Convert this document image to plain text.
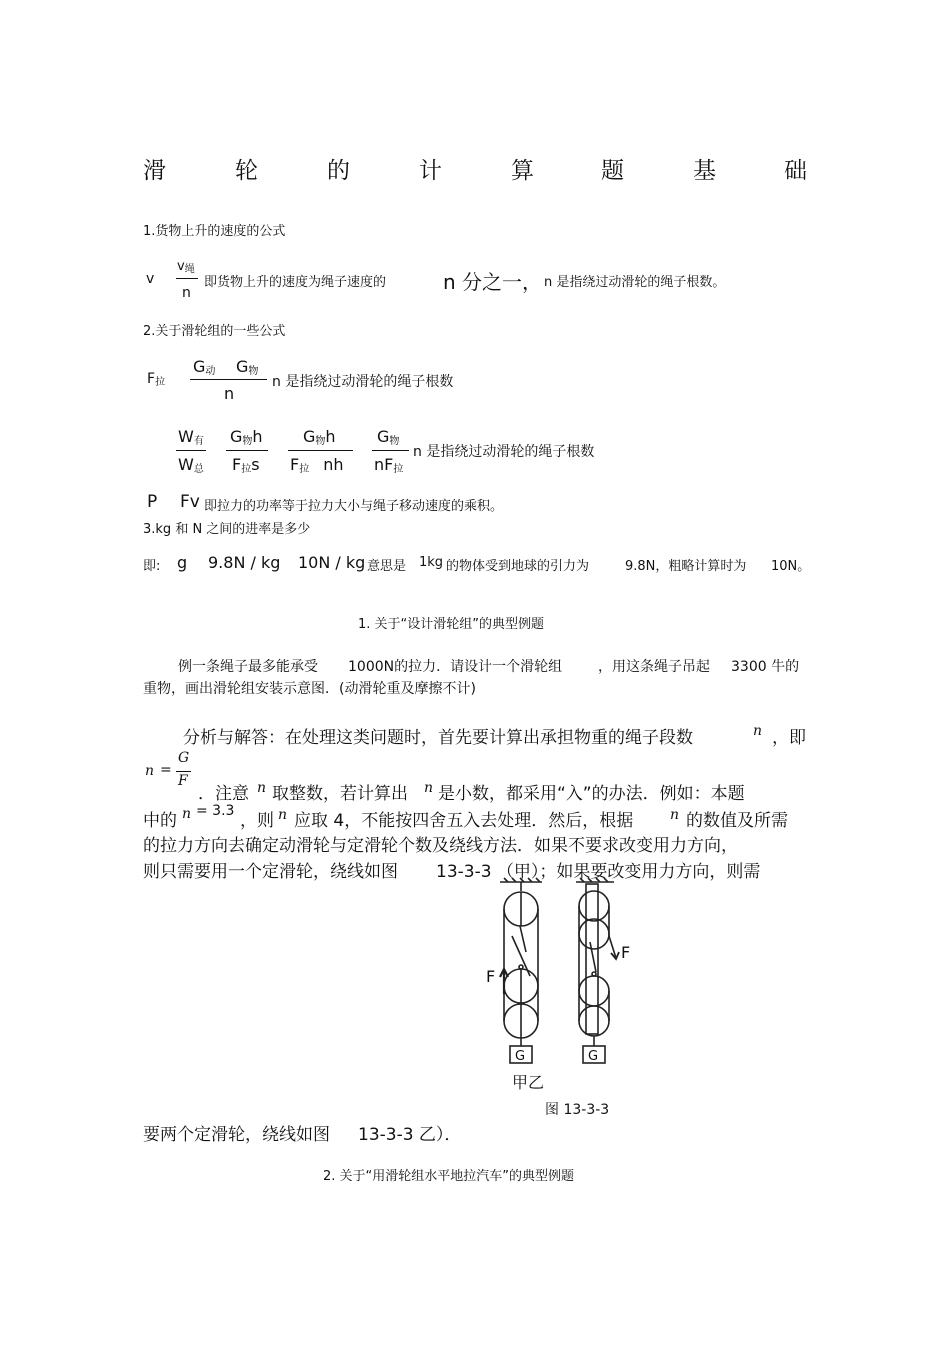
滑	轮	的	计	算	题	基	础
1.货物上升的速度的公式
v
v绳
n
即货物上升的速度为绳子速度的	n 分之一， n 是指绕过动滑轮的绳子根数。
2.关于滑轮组的一些公式
F拉
G动 G物
n
n 是指绕过动滑轮的绳子根数
W有
W总
G物h
F拉s
G物h
F拉 nh
G物
nF拉
n 是指绕过动滑轮的绳子根数
P Fv 即拉力的功率等于拉力大小与绳子移动速度的乘积。
3.kg 和 N 之间的进率是多少
即: g 9.8N / kg 10N / kg 意思是 1kg 的物体受到地球的引力为	9.8N，粗略计算时为 10N。
1. 关于“设计滑轮组”的典型例题
例一条绳子最多能承受 1000N的拉力．请设计一个滑轮组	，用这条绳子吊起 3300 牛的
重物，画出滑轮组安装示意图．(动滑轮重及摩擦不计)
分析与解答：在处理这类问题时，首先要计算出承担物重的绳子段数	n ，即
n =
G
F
．注意 n 取整数，若计算出 n 是小数，都采用“入”的办法．例如：本题
中的 n = 3.3 ，则 n 应取 4，不能按四舍五入去处理．然后，根据	n 的数值及所需
的拉力方向去确定动滑轮与定滑轮个数及绕线方法．如果不要求改变用力方向，
则只需要用一个定滑轮，绕线如图 13-3-3 （甲）；如果要改变用力方向，则需
F
F
G	G
甲乙
图 13-3-3
要两个定滑轮，绕线如图 13-3-3 乙）．
2. 关于“用滑轮组水平地拉汽车”的典型例题
